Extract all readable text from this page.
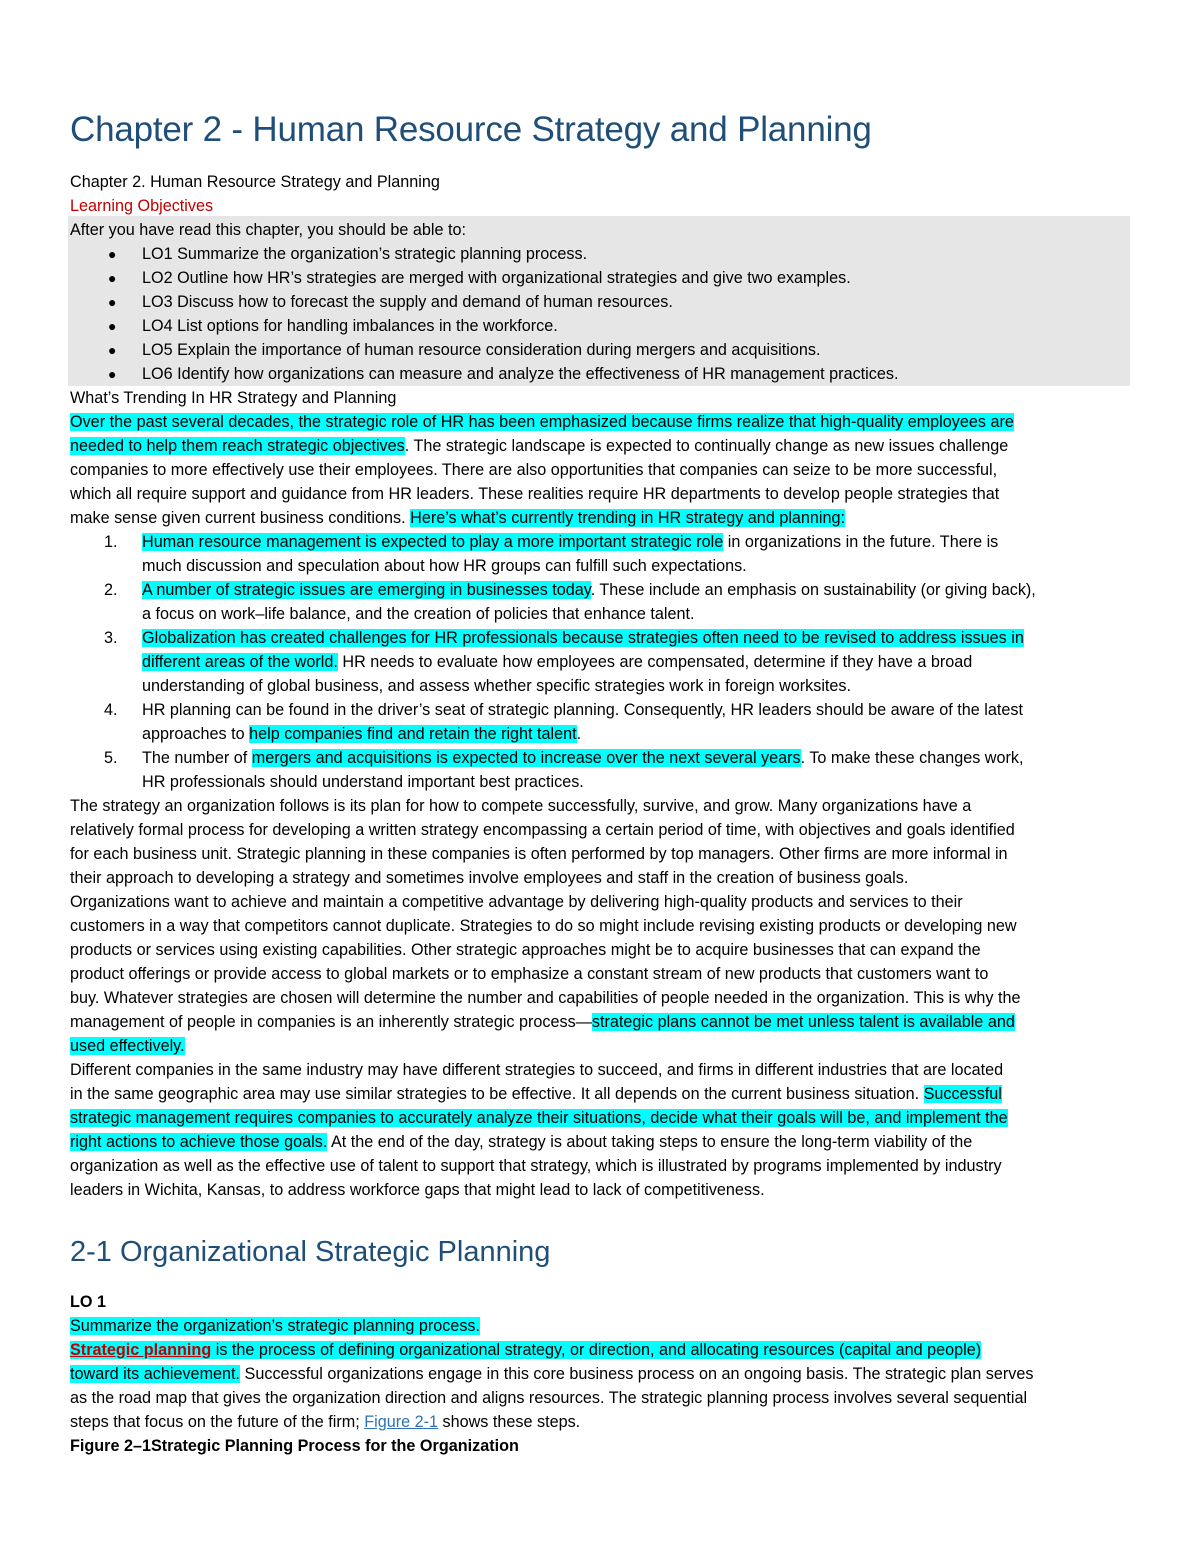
Chapter 2 - Human Resource Strategy and Planning
Chapter 2. Human Resource Strategy and Planning
Learning Objectives
After you have read this chapter, you should be able to:
● LO1 Summarize the organization’s strategic planning process.
● LO2 Outline how HR’s strategies are merged with organizational strategies and give two examples.
● LO3 Discuss how to forecast the supply and demand of human resources.
● LO4 List options for handling imbalances in the workforce.
● LO5 Explain the importance of human resource consideration during mergers and acquisitions.
● LO6 Identify how organizations can measure and analyze the effectiveness of HR management practices.
What’s Trending In HR Strategy and Planning
Over the past several decades, the strategic role of HR has been emphasized because firms realize that high-quality employees are
needed to help them reach strategic objectives. The strategic landscape is expected to continually change as new issues challenge
companies to more effectively use their employees. There are also opportunities that companies can seize to be more successful,
which all require support and guidance from HR leaders. These realities require HR departments to develop people strategies that
make sense given current business conditions. Here’s what’s currently trending in HR strategy and planning:
1. Human resource management is expected to play a more important strategic role in organizations in the future. There is
much discussion and speculation about how HR groups can fulfill such expectations.
2. A number of strategic issues are emerging in businesses today. These include an emphasis on sustainability (or giving back),
a focus on work–life balance, and the creation of policies that enhance talent.
3. Globalization has created challenges for HR professionals because strategies often need to be revised to address issues in
different areas of the world. HR needs to evaluate how employees are compensated, determine if they have a broad
understanding of global business, and assess whether specific strategies work in foreign worksites.
4. HR planning can be found in the driver’s seat of strategic planning. Consequently, HR leaders should be aware of the latest
approaches to help companies find and retain the right talent.
5. The number of mergers and acquisitions is expected to increase over the next several years. To make these changes work,
HR professionals should understand important best practices.
The strategy an organization follows is its plan for how to compete successfully, survive, and grow. Many organizations have a
relatively formal process for developing a written strategy encompassing a certain period of time, with objectives and goals identified
for each business unit. Strategic planning in these companies is often performed by top managers. Other firms are more informal in
their approach to developing a strategy and sometimes involve employees and staff in the creation of business goals.
Organizations want to achieve and maintain a competitive advantage by delivering high-quality products and services to their
customers in a way that competitors cannot duplicate. Strategies to do so might include revising existing products or developing new
products or services using existing capabilities. Other strategic approaches might be to acquire businesses that can expand the
product offerings or provide access to global markets or to emphasize a constant stream of new products that customers want to
buy. Whatever strategies are chosen will determine the number and capabilities of people needed in the organization. This is why the
management of people in companies is an inherently strategic process—strategic plans cannot be met unless talent is available and
used effectively.
Different companies in the same industry may have different strategies to succeed, and firms in different industries that are located
in the same geographic area may use similar strategies to be effective. It all depends on the current business situation. Successful
strategic management requires companies to accurately analyze their situations, decide what their goals will be, and implement the
right actions to achieve those goals. At the end of the day, strategy is about taking steps to ensure the long-term viability of the
organization as well as the effective use of talent to support that strategy, which is illustrated by programs implemented by industry
leaders in Wichita, Kansas, to address workforce gaps that might lead to lack of competitiveness.
2-1 Organizational Strategic Planning
LO 1
Summarize the organization’s strategic planning process.
Strategic planning is the process of defining organizational strategy, or direction, and allocating resources (capital and people)
toward its achievement. Successful organizations engage in this core business process on an ongoing basis. The strategic plan serves
as the road map that gives the organization direction and aligns resources. The strategic planning process involves several sequential
steps that focus on the future of the firm; Figure 2-1 shows these steps.
Figure 2–1Strategic Planning Process for the Organization
